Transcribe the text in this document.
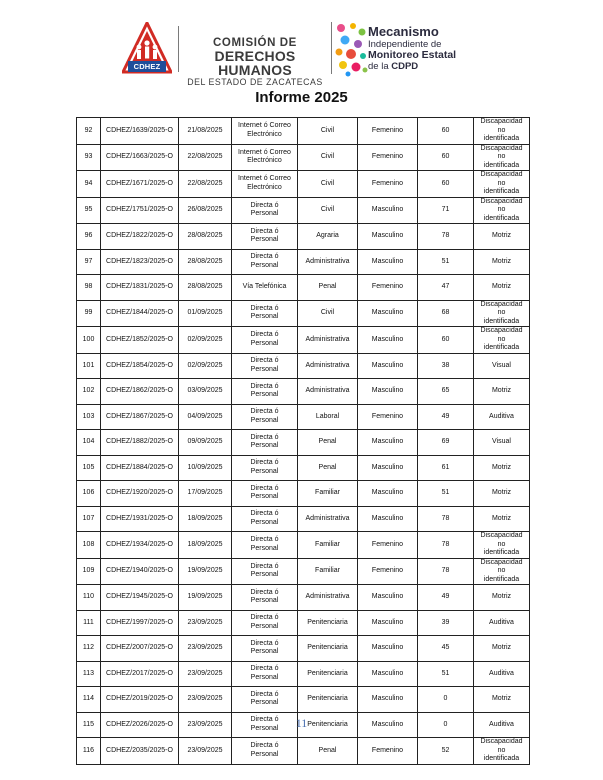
CDHEZ
COMISIÓN DE
DERECHOS HUMANOS
DEL ESTADO DE ZACATECAS
Mecanismo
Independiente de
Monitoreo Estatal
de la CDPD
Informe 2025
92	CDHEZ/1639/2025-O	21/08/2025	Internet ó Correo
Electrónico	Civil	Femenino	60	Discapacidad no
identificada
93	CDHEZ/1663/2025-O	22/08/2025	Internet ó Correo
Electrónico	Civil	Femenino	60	Discapacidad no
identificada
94	CDHEZ/1671/2025-O	22/08/2025	Internet ó Correo
Electrónico	Civil	Femenino	60	Discapacidad no
identificada
95	CDHEZ/1751/2025-O	26/08/2025	Directa ó
Personal	Civil	Masculino	71	Discapacidad no
identificada
96	CDHEZ/1822/2025-O	28/08/2025	Directa ó
Personal	Agraria	Masculino	78	Motriz
97	CDHEZ/1823/2025-O	28/08/2025	Directa ó
Personal	Administrativa	Masculino	51	Motriz
98	CDHEZ/1831/2025-O	28/08/2025	Vía Telefónica	Penal	Femenino	47	Motriz
99	CDHEZ/1844/2025-O	01/09/2025	Directa ó
Personal	Civil	Masculino	68	Discapacidad no
identificada
100	CDHEZ/1852/2025-O	02/09/2025	Directa ó
Personal	Administrativa	Masculino	60	Discapacidad no
identificada
101	CDHEZ/1854/2025-O	02/09/2025	Directa ó
Personal	Administrativa	Masculino	38	Visual
102	CDHEZ/1862/2025-O	03/09/2025	Directa ó
Personal	Administrativa	Masculino	65	Motriz
103	CDHEZ/1867/2025-O	04/09/2025	Directa ó
Personal	Laboral	Femenino	49	Auditiva
104	CDHEZ/1882/2025-O	09/09/2025	Directa ó
Personal	Penal	Masculino	69	Visual
105	CDHEZ/1884/2025-O	10/09/2025	Directa ó
Personal	Penal	Masculino	61	Motriz
106	CDHEZ/1920/2025-O	17/09/2025	Directa ó
Personal	Familiar	Masculino	51	Motriz
107	CDHEZ/1931/2025-O	18/09/2025	Directa ó
Personal	Administrativa	Masculino	78	Motriz
108	CDHEZ/1934/2025-O	18/09/2025	Directa ó
Personal	Familiar	Femenino	78	Discapacidad no
identificada
109	CDHEZ/1940/2025-O	19/09/2025	Directa ó
Personal	Familiar	Femenino	78	Discapacidad no
identificada
110	CDHEZ/1945/2025-O	19/09/2025	Directa ó
Personal	Administrativa	Masculino	49	Motriz
111	CDHEZ/1997/2025-O	23/09/2025	Directa ó
Personal	Penitenciaria	Masculino	39	Auditiva
112	CDHEZ/2007/2025-O	23/09/2025	Directa ó
Personal	Penitenciaria	Masculino	45	Motriz
113	CDHEZ/2017/2025-O	23/09/2025	Directa ó
Personal	Penitenciaria	Masculino	51	Auditiva
114	CDHEZ/2019/2025-O	23/09/2025	Directa ó
Personal	Penitenciaria	Masculino	0	Motriz
115	CDHEZ/2026/2025-O	23/09/2025	Directa ó
Personal	Penitenciaria	Masculino	0	Auditiva
116	CDHEZ/2035/2025-O	23/09/2025	Directa ó
Personal	Penal	Femenino	52	Discapacidad no
identificada
11
